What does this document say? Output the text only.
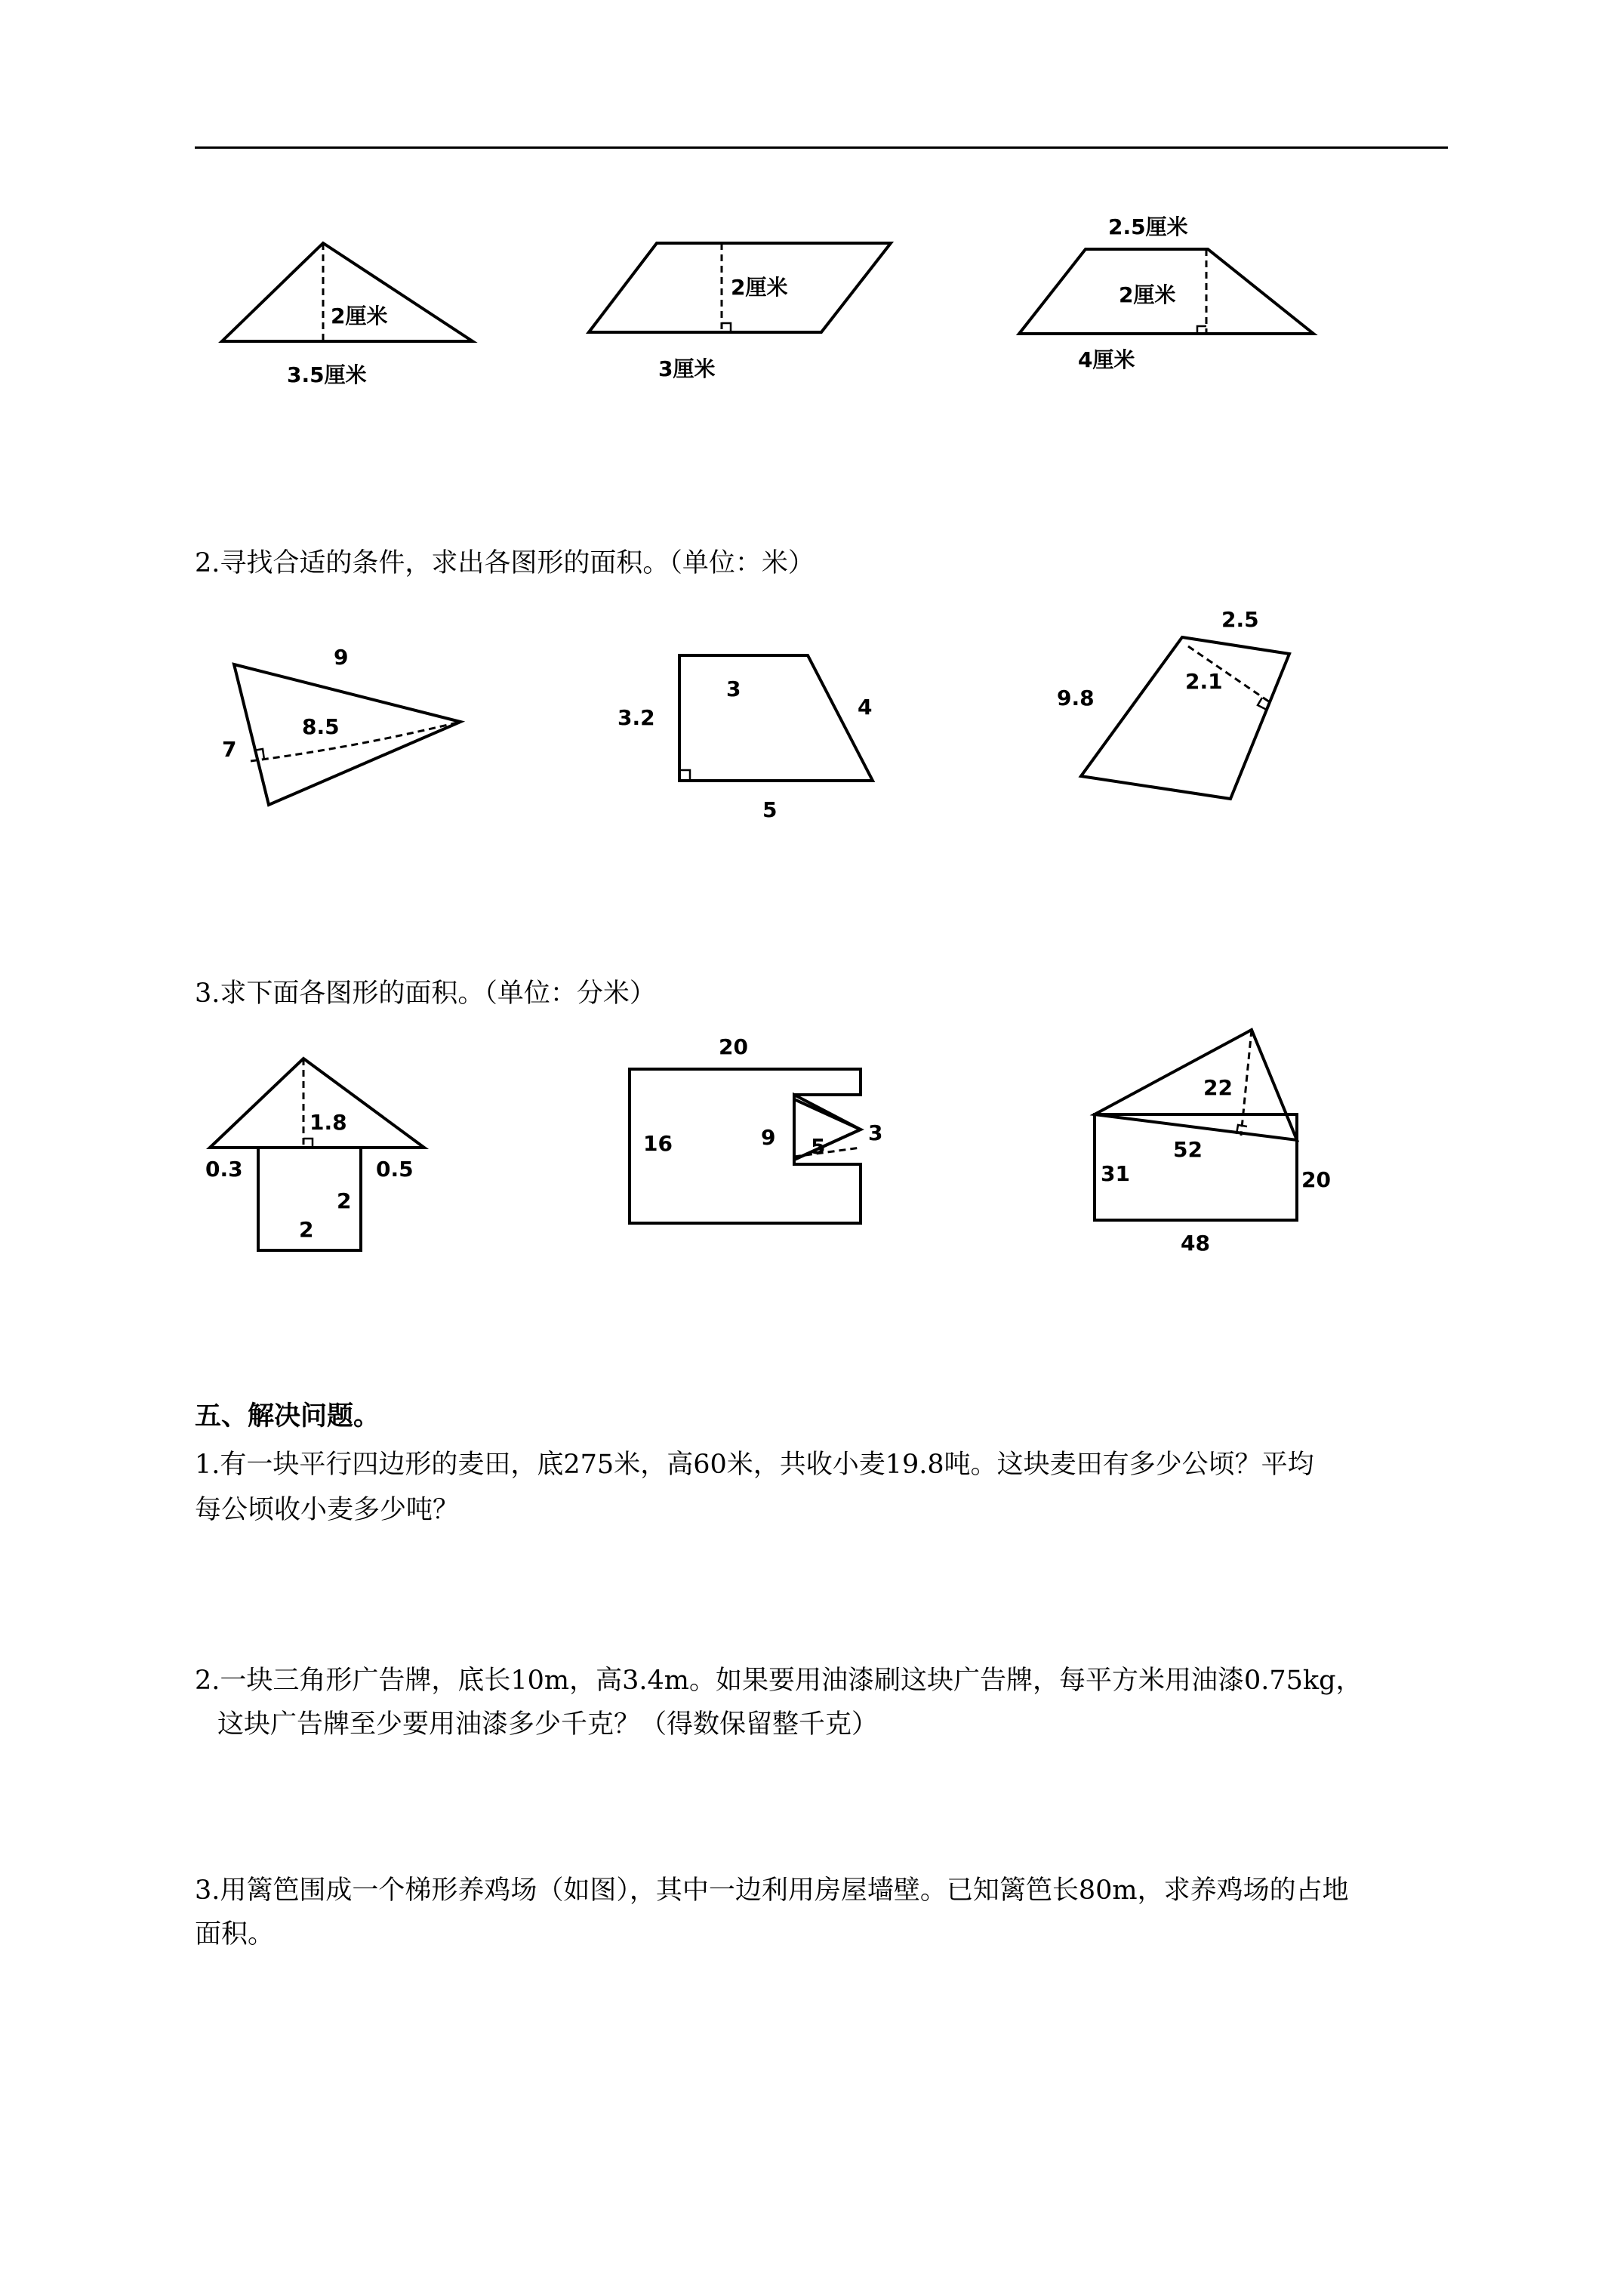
2厘米
3.5厘米
2厘米
3厘米
2.5厘米
2厘米
4厘米
2.寻找合适的条件，求出各图形的面积。（单位：米）
9
8.5
7
3.2
3
4
5
2.5
2.1
9.8
3.求下面各图形的面积。（单位：分米）
1.8
0.3	0.5
2
2
20
16	9 5
3
22
52
31	20
48
五、解决问题。
1.有一块平行四边形的麦田，底275米，高60米，共收小麦19.8吨。这块麦田有多少公顷？平均
每公顷收小麦多少吨？
2.一块三角形广告牌，底长10m，高3.4m。如果要用油漆刷这块广告牌，每平方米用油漆0.75kg，
这块广告牌至少要用油漆多少千克？（得数保留整千克）
3.用篱笆围成一个梯形养鸡场（如图），其中一边利用房屋墙壁。已知篱笆长80m，求养鸡场的占地
面积。
